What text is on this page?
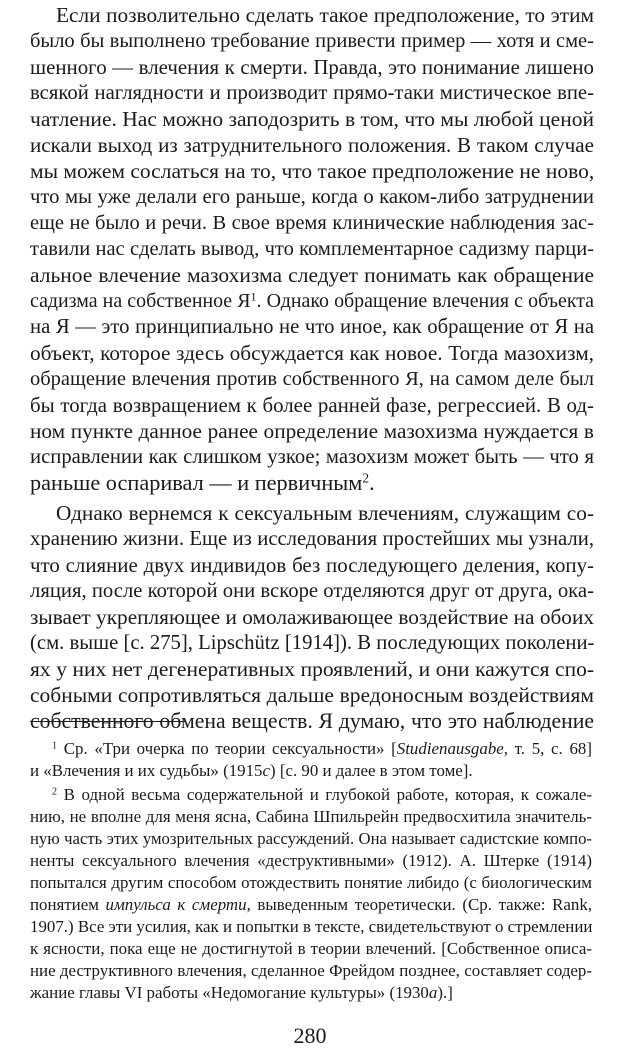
Если позволительно сделать такое предположение, то этим
было бы выполнено требование привести пример — хотя и сме-
шенного — влечения к смерти. Правда, это понимание лишено
всякой наглядности и производит прямо-таки мистическое впе-
чатление. Нас можно заподозрить в том, что мы любой ценой
искали выход из затруднительного положения. В таком случае
мы можем сослаться на то, что такое предположение не ново,
что мы уже делали его раньше, когда о каком-либо затруднении
еще не было и речи. В свое время клинические наблюдения зас-
тавили нас сделать вывод, что комплементарное садизму парци-
альное влечение мазохизма следует понимать как обращение
садизма на собственное $Я^1$. Однако обращение влечения с объекта
на Я — это принципиально не что иное, как обращение от Я на
объект, которое здесь обсуждается как новое. Тогда мазохизм,
обращение влечения против собственного Я, на самом деле был
бы тогда возвращением к более ранней фазе, регрессией. В од-
ном пункте данное ранее определение мазохизма нуждается в
исправлении как слишком узкое; мазохизм может быть — что я
раньше оспаривал — и первичным$^2$.
Однако вернемся к сексуальным влечениям, служащим со-
хранению жизни. Еще из исследования простейших мы узнали,
что слияние двух индивидов без последующего деления, копу-
ляция, после которой они вскоре отделяются друг от друга, ока-
зывает укрепляющее и омолаживающее воздействие на обоих
(см. выше [с. 275], Lipschütz [1914]). В последующих поколени-
ях у них нет дегенеративных проявлений, и они кажутся спо-
собными сопротивляться дальше вредоносным воздействиям
собственного обмена веществ. Я думаю, что это наблюдение
$^1$ Ср. «Три очерка по теории сексуальности» [Studienausgabe, т. 5, с. 68]
и «Влечения и их судьбы» (1915c) [с. 90 и далее в этом томе].
$^2$ В одной весьма содержательной и глубокой работе, которая, к сожале-
нию, не вполне для меня ясна, Сабина Шпильрейн предвосхитила значитель-
ную часть этих умозрительных рассуждений. Она называет садистские компо-
ненты сексуального влечения «деструктивными» (1912). А. Штерке (1914)
попытался другим способом отождествить понятие либидо (с биологическим
понятием импульса к смерти, выведенным теоретически. (Ср. также: Rank,
1907.) Все эти усилия, как и попытки в тексте, свидетельствуют о стремлении
к ясности, пока еще не достигнутой в теории влечений. [Собственное описа-
ние деструктивного влечения, сделанное Фрейдом позднее, составляет содер-
жание главы VI работы «Недомогание культуры» (1930a).]
280
